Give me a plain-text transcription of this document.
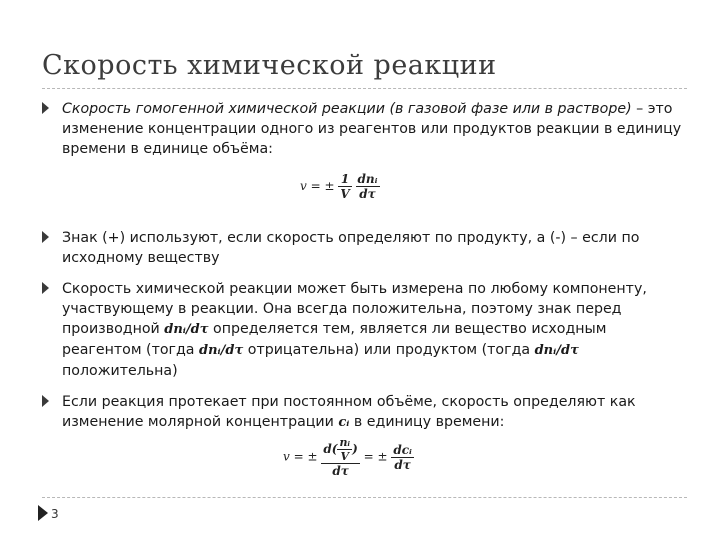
Скорость химической реакции

Скорость гомогенной химической реакции (в газовой фазе или в растворе) – это изменение концентрации одного из реагентов или продуктов реакции в единицу времени в единице объёма:

v = ± $\frac{1}{V}$
$\frac{\text{dnᵢ}}{d\tau}$

Знак (+) используют, если скорость определяют по продукту, а (-) – если по исходному веществу

Скорость химической реакции может быть измерена по любому компоненту, участвующему в реакции. Она всегда положительна, поэтому знак перед производной dnᵢ/dτ определяется тем, является ли вещество исходным реагентом (тогда dnᵢ/dτ отрицательна) или продуктом (тогда dnᵢ/dτ положительна)

Если реакция протекает при постоянном объёме, скорость определяют как изменение молярной концентрации cᵢ в единицу времени:

v = ± $\frac{d( \frac{\text{nᵢ}}{V} )}{d\tau}$ = ± $\frac{\text{dcᵢ}}{d\tau}$
3
